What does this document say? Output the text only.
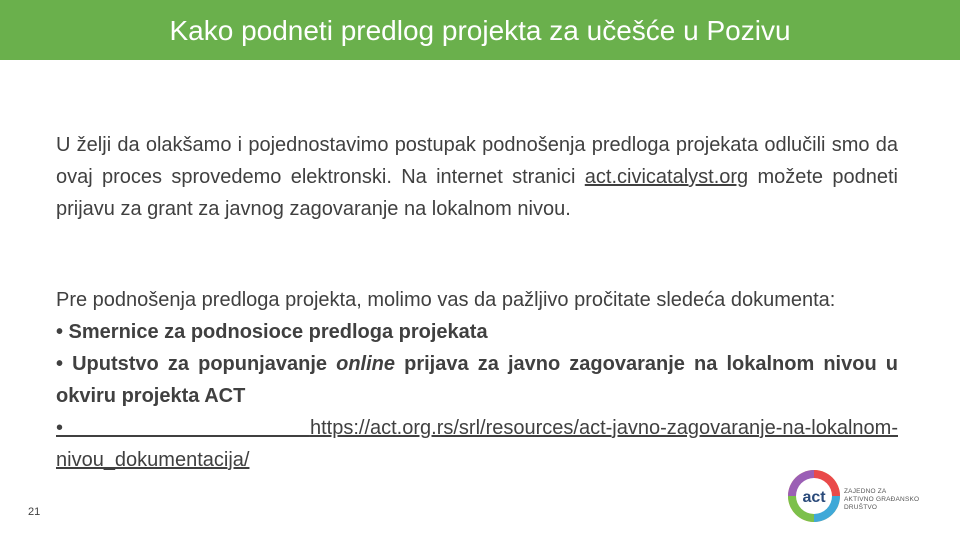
Kako podneti predlog projekta za učešće u Pozivu

U želji da olakšamo i pojednostavimo postupak podnošenja predloga projekata odlučili smo da ovaj proces sprovedemo elektronski. Na internet stranici act.civicatalyst.org možete podneti prijavu za grant za javnog zagovaranje na lokalnom nivou.

Pre podnošenja predloga projekta, molimo vas da pažljivo pročitate sledeća dokumenta:
• Smernice za podnosioce predloga projekata
• Uputstvo za popunjavanje online prijava za javno zagovaranje na lokalnom nivou u okviru projekta ACT
• https://act.org.rs/srl/resources/act-javno-zagovaranje-na-lokalnom-
nivou_dokumentacija/
21
act	ZAJEDNO ZA
AKTIVNO GRAĐANSKO
DRUŠTVO
